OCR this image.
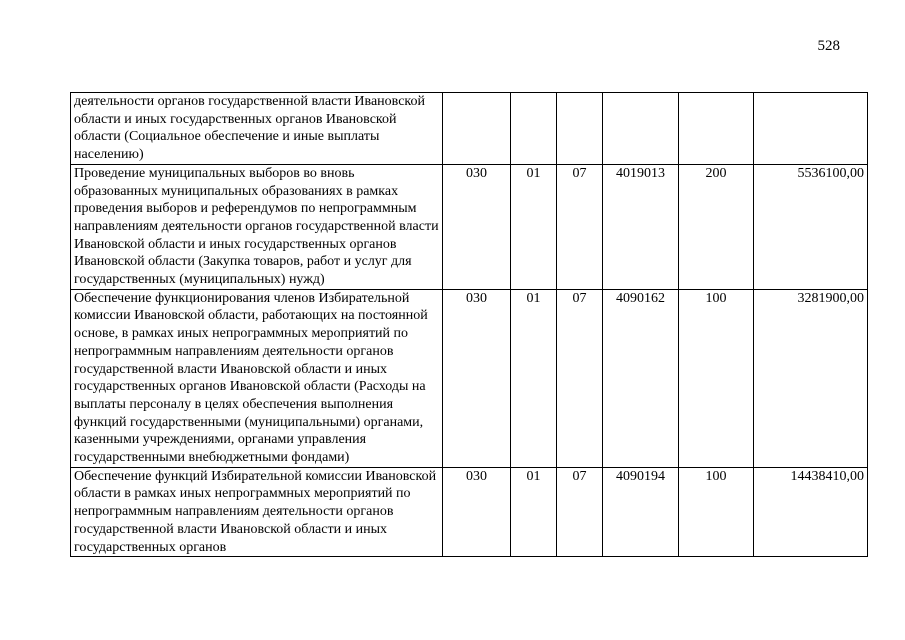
528
деятельности органов государственной власти Ивановской области и иных государственных органов Ивановской области (Социальное обеспечение и иные выплаты населению)						
Проведение муниципальных выборов во вновь образованных муниципальных образованиях в рамках проведения выборов и референдумов по непрограммным направлениям деятельности органов государственной власти Ивановской области и иных государственных органов Ивановской области (Закупка товаров, работ и услуг для государственных (муниципальных) нужд)	030	01	07	4019013	200	5536100,00
Обеспечение функционирования членов Избирательной комиссии Ивановской области, работающих на постоянной основе, в рамках иных непрограммных мероприятий по непрограммным направлениям деятельности органов государственной власти Ивановской области и иных государственных органов Ивановской области (Расходы на выплаты персоналу в целях обеспечения выполнения функций государственными (муниципальными) органами, казенными учреждениями, органами управления государственными внебюджетными фондами)	030	01	07	4090162	100	3281900,00
Обеспечение функций Избирательной комиссии Ивановской области в рамках иных непрограммных мероприятий по непрограммным направлениям деятельности органов государственной власти Ивановской области и иных государственных органов	030	01	07	4090194	100	14438410,00
